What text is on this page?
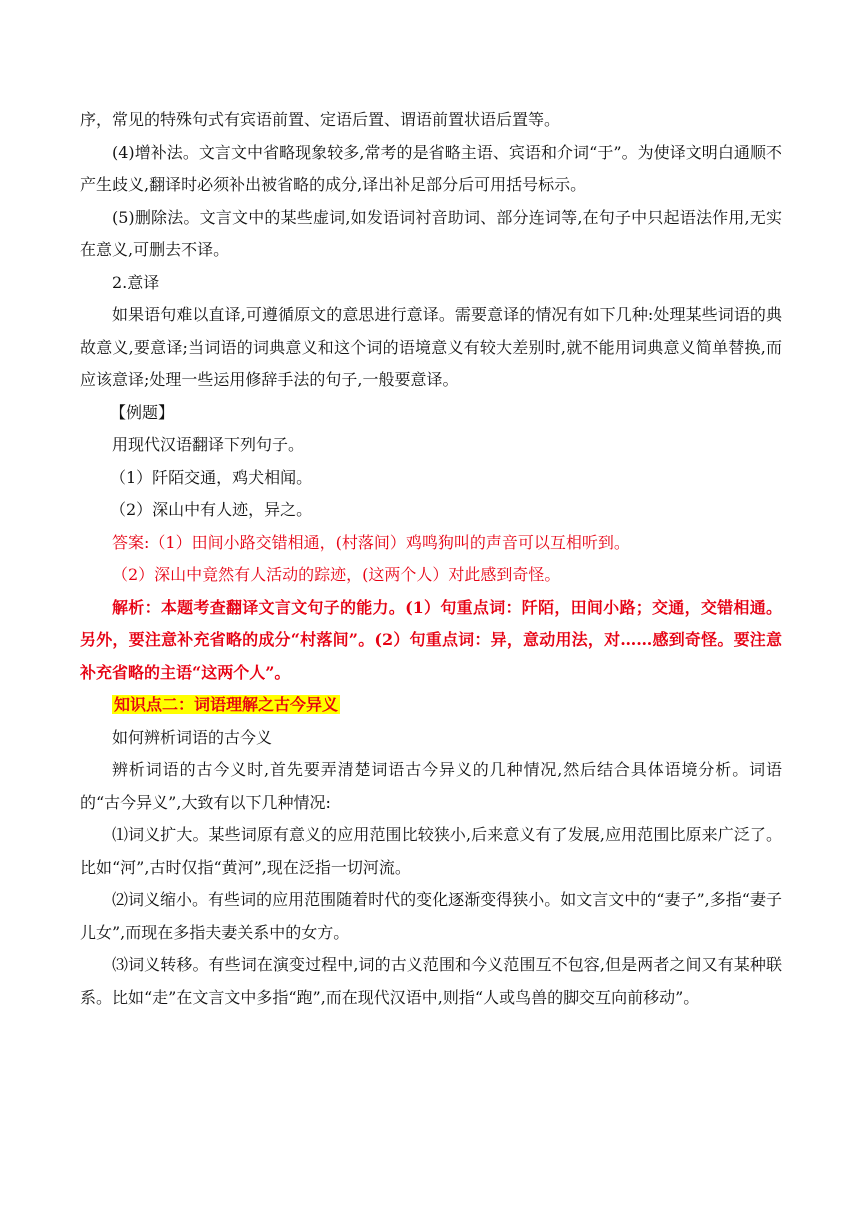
序，常见的特殊句式有宾语前置、定语后置、谓语前置状语后置等。

(4)增补法。文言文中省略现象较多,常考的是省略主语、宾语和介词“于”。为使译文明白通顺不产生歧义,翻译时必须补出被省略的成分,译出补足部分后可用括号标示。

(5)删除法。文言文中的某些虚词,如发语词衬音助词、部分连词等,在句子中只起语法作用,无实在意义,可删去不译。

2.意译

如果语句难以直译,可遵循原文的意思进行意译。需要意译的情况有如下几种:处理某些词语的典故意义,要意译;当词语的词典意义和这个词的语境意义有较大差别时,就不能用词典意义简单替换,而应该意译;处理一些运用修辞手法的句子,一般要意译。

【例题】

用现代汉语翻译下列句子。

（1）阡陌交通，鸡犬相闻。

（2）深山中有人迹，异之。

答案:（1）田间小路交错相通，(村落间）鸡鸣狗叫的声音可以互相听到。

（2）深山中竟然有人活动的踪迹，(这两个人）对此感到奇怪。

解析：本题考查翻译文言文句子的能力。(1）句重点词：阡陌，田间小路；交通，交错相通。另外，要注意补充省略的成分“村落间”。(2）句重点词：异，意动用法，对……感到奇怪。要注意补充省略的主语“这两个人”。

知识点二：词语理解之古今异义

如何辨析词语的古今义

辨析词语的古今义时,首先要弄清楚词语古今异义的几种情况,然后结合具体语境分析。词语的“古今异义”,大致有以下几种情况:

⑴词义扩大。某些词原有意义的应用范围比较狭小,后来意义有了发展,应用范围比原来广泛了。比如“河”,古时仅指“黄河”,现在泛指一切河流。

⑵词义缩小。有些词的应用范围随着时代的变化逐渐变得狭小。如文言文中的“妻子”,多指“妻子儿女”,而现在多指夫妻关系中的女方。

⑶词义转移。有些词在演变过程中,词的古义范围和今义范围互不包容,但是两者之间又有某种联系。比如“走”在文言文中多指“跑”,而在现代汉语中,则指“人或鸟兽的脚交互向前移动”。
